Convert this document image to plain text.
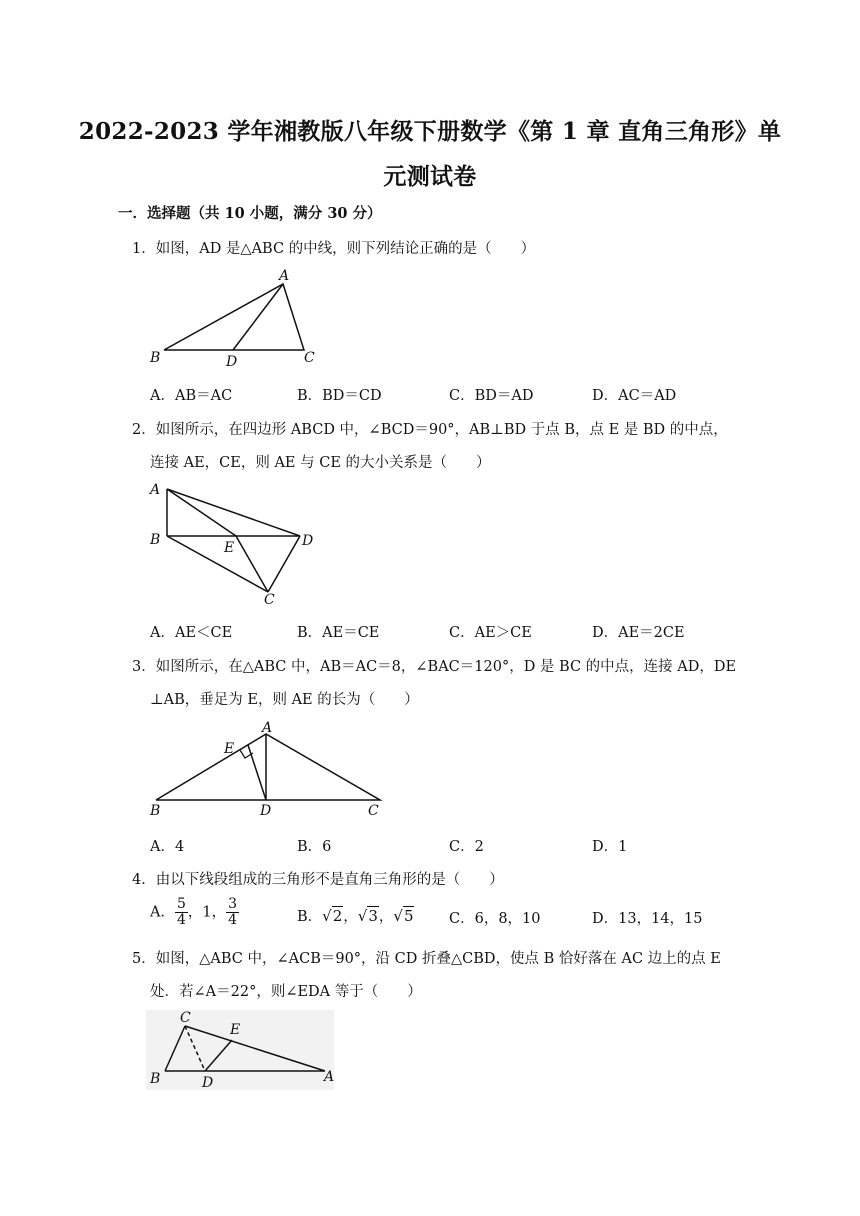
2022-2023 学年湘教版八年级下册数学《第 1 章 直角三角形》单
元测试卷
一．选择题（共 10 小题，满分 30 分）
1．如图，AD 是△ABC 的中线，则下列结论正确的是（　　）
A
B	D	C
A．AB＝AC	B．BD＝CD	C．BD＝AD	D．AC＝AD
2．如图所示，在四边形 ABCD 中，∠BCD＝90°，AB⊥BD 于点 B，点 E 是 BD 的中点，
连接 AE，CE，则 AE 与 CE 的大小关系是（　　）
A
B	E	D
C
A．AE＜CE	B．AE＝CE	C．AE＞CE	D．AE＝2CE
3．如图所示，在△ABC 中，AB＝AC＝8，∠BAC＝120°，D 是 BC 的中点，连接 AD，DE
⊥AB，垂足为 E，则 AE 的长为（　　）
E
A
B	D	C
A．4	B．6	C．2	D．1
4．由以下线段组成的三角形不是直角三角形的是（　　）
A． $\frac{5}{4}$ ，1， $\frac{3}{4}$	B．√2，√3，√5 C．6，8，10	D．13，14，15
5．如图，△ABC 中，∠ACB＝90°，沿 CD 折叠△CBD，使点 B 恰好落在 AC 边上的点 E
处．若∠A＝22°，则∠EDA 等于（　　）
C
E
B	D	A
